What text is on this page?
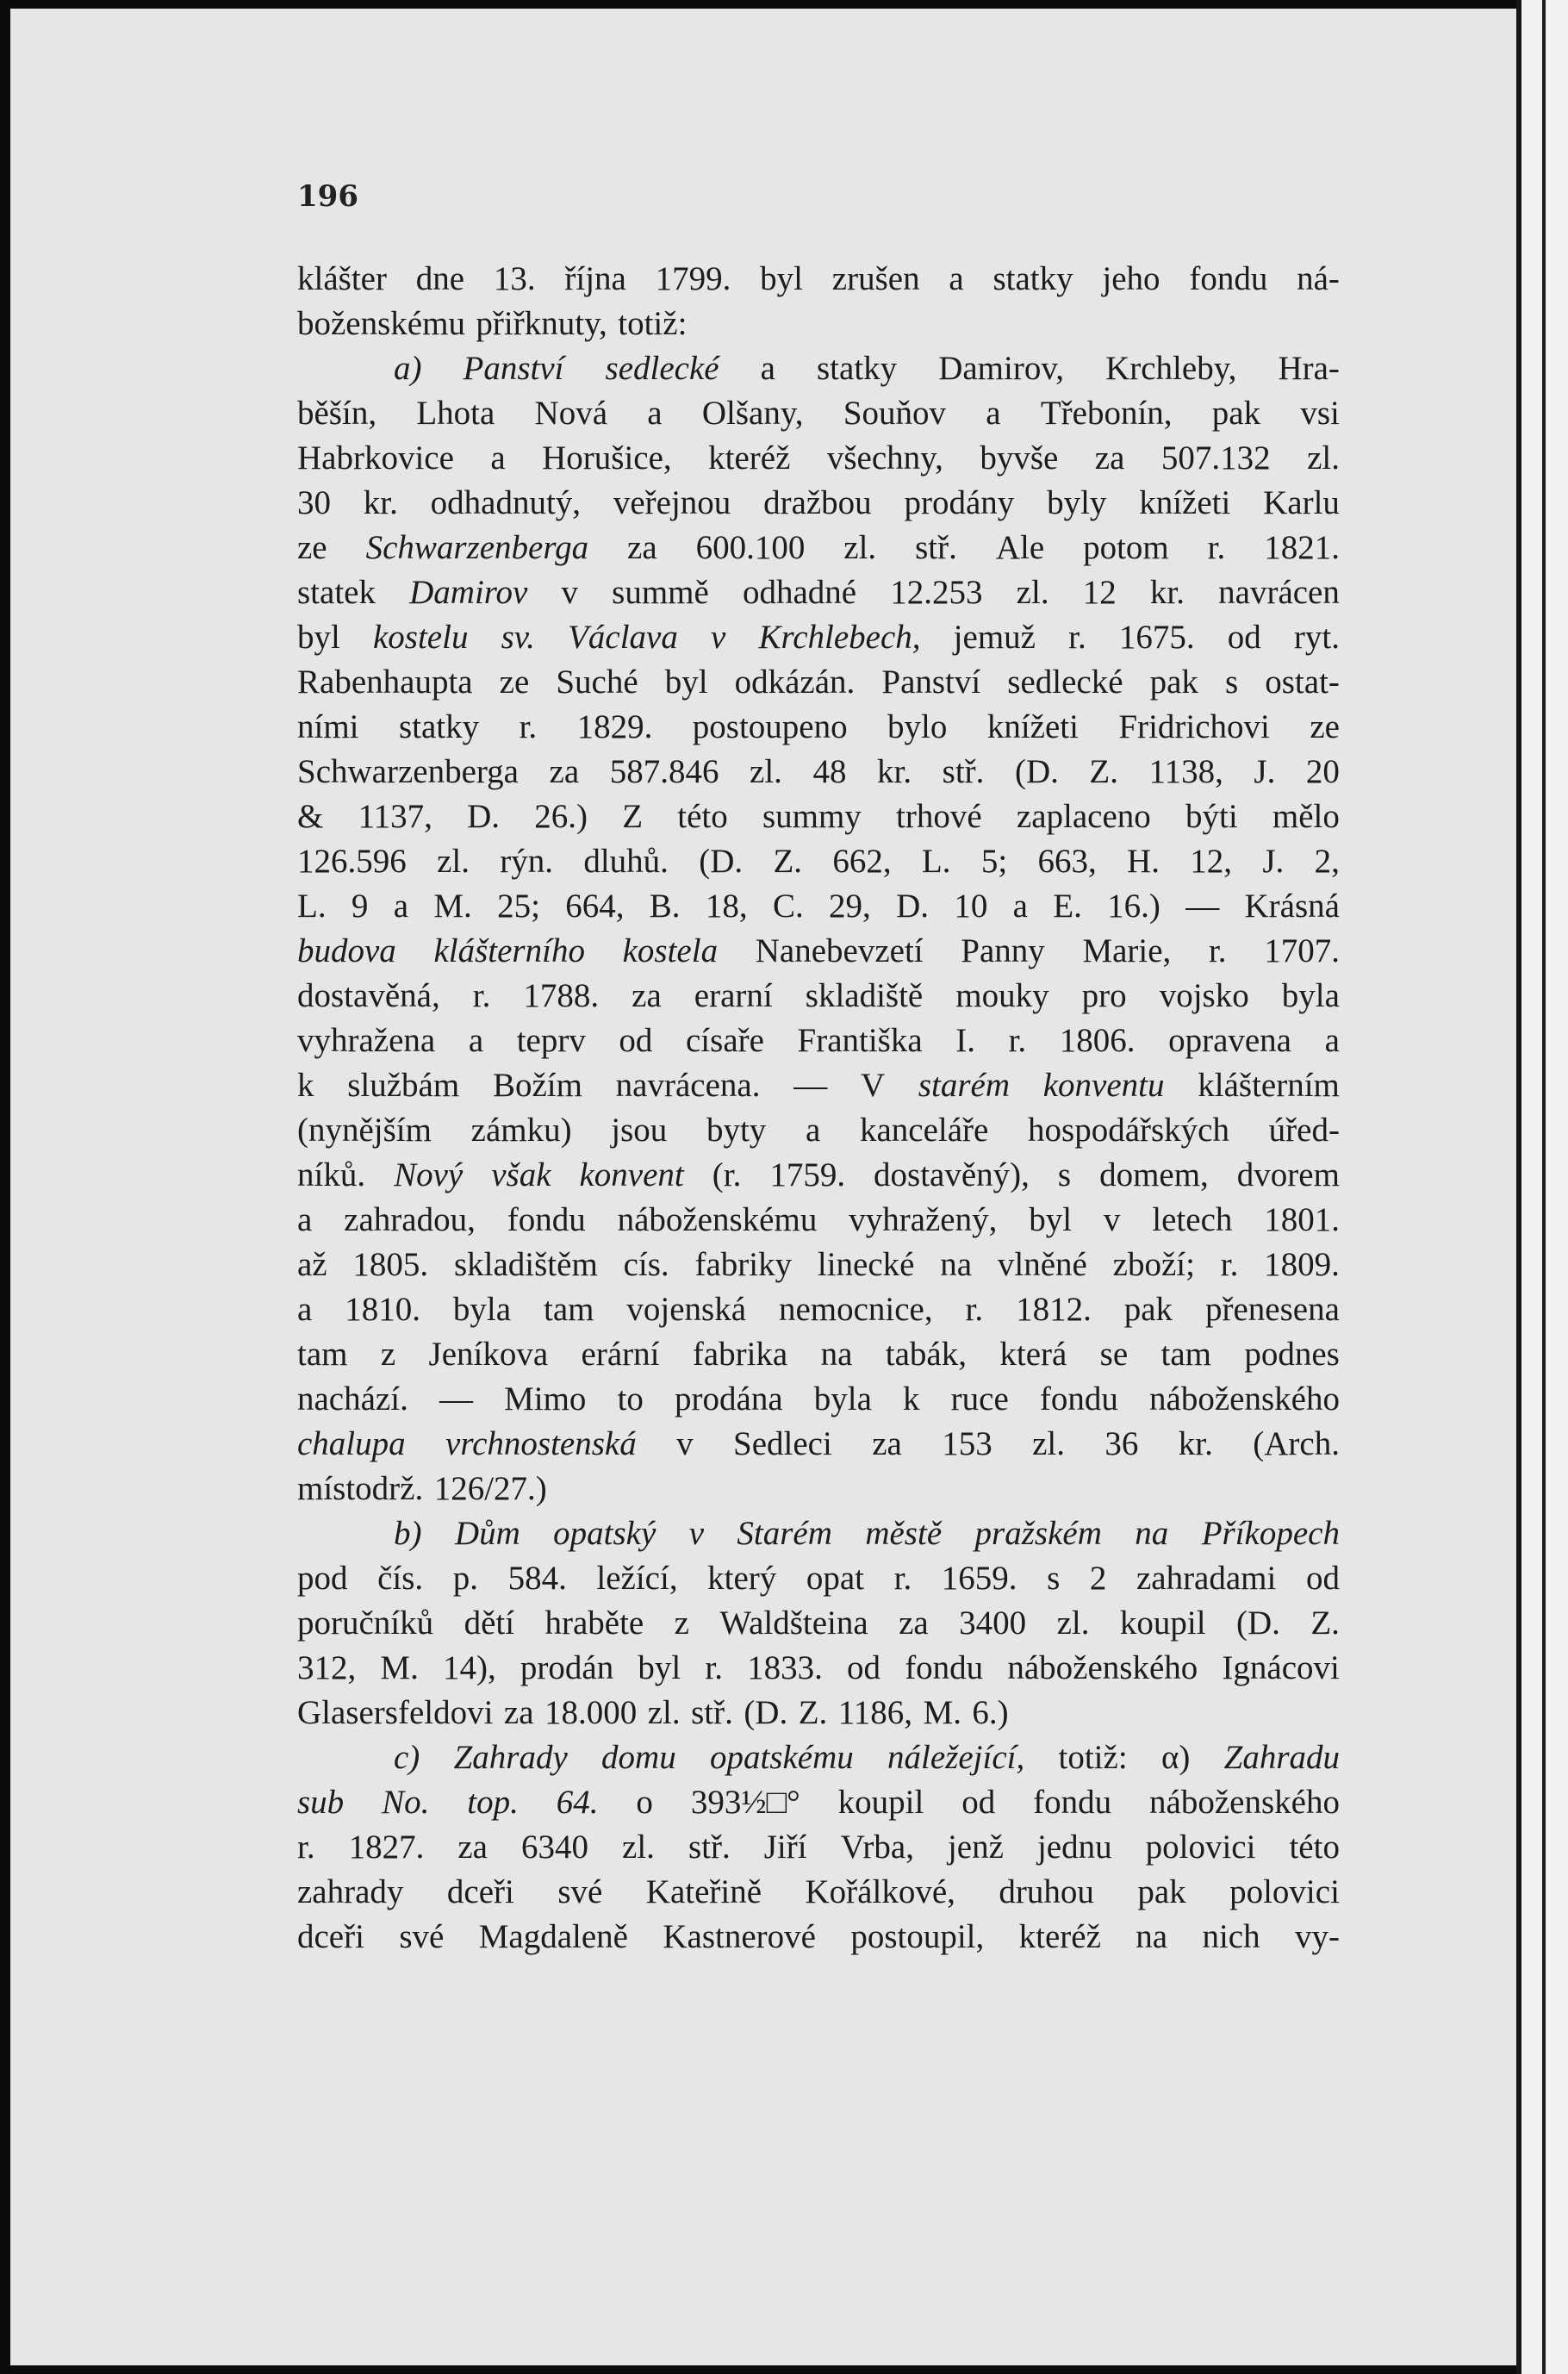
196
klášter dne 13. října 1799. byl zrušen a statky jeho fondu ná-
boženskému přiřknuty, totiž:
a) Panství sedlecké a statky Damirov, Krchleby, Hra-
běšín, Lhota Nová a Olšany, Souňov a Třebonín, pak vsi
Habrkovice a Horušice, kteréž všechny, byvše za 507.132 zl.
30 kr. odhadnutý, veřejnou dražbou prodány byly knížeti Karlu
ze Schwarzenberga za 600.100 zl. stř. Ale potom r. 1821.
statek Damirov v summě odhadné 12.253 zl. 12 kr. navrácen
byl kostelu sv. Václava v Krchlebech, jemuž r. 1675. od ryt.
Rabenhaupta ze Suché byl odkázán. Panství sedlecké pak s ostat-
ními statky r. 1829. postoupeno bylo knížeti Fridrichovi ze
Schwarzenberga za 587.846 zl. 48 kr. stř. (D. Z. 1138, J. 20
& 1137, D. 26.) Z této summy trhové zaplaceno býti mělo
126.596 zl. rýn. dluhů. (D. Z. 662, L. 5; 663, H. 12, J. 2,
L. 9 a M. 25; 664, B. 18, C. 29, D. 10 a E. 16.) — Krásná
budova klášterního kostela Nanebevzetí Panny Marie, r. 1707.
dostavěná, r. 1788. za erarní skladiště mouky pro vojsko byla
vyhražena a teprv od císaře Františka I. r. 1806. opravena a
k službám Božím navrácena. — V starém konventu klášterním
(nynějším zámku) jsou byty a kanceláře hospodářských úřed-
níků. Nový však konvent (r. 1759. dostavěný), s domem, dvorem
a zahradou, fondu náboženskému vyhražený, byl v letech 1801.
až 1805. skladištěm cís. fabriky linecké na vlněné zboží; r. 1809.
a 1810. byla tam vojenská nemocnice, r. 1812. pak přenesena
tam z Jeníkova erární fabrika na tabák, která se tam podnes
nachází. — Mimo to prodána byla k ruce fondu náboženského
chalupa vrchnostenská v Sedleci za 153 zl. 36 kr. (Arch.
místodrž. 126/27.)
b) Dům opatský v Starém městě pražském na Příkopech
pod čís. p. 584. ležící, který opat r. 1659. s 2 zahradami od
poručníků dětí hraběte z Waldšteina za 3400 zl. koupil (D. Z.
312, M. 14), prodán byl r. 1833. od fondu náboženského Ignácovi
Glasersfeldovi za 18.000 zl. stř. (D. Z. 1186, M. 6.)
c) Zahrady domu opatskému náležející, totiž: α) Zahradu
sub No. top. 64. o 393½□° koupil od fondu náboženského
r. 1827. za 6340 zl. stř. Jiří Vrba, jenž jednu polovici této
zahrady dceři své Kateřině Kořálkové, druhou pak polovici
dceři své Magdaleně Kastnerové postoupil, kteréž na nich vy-
